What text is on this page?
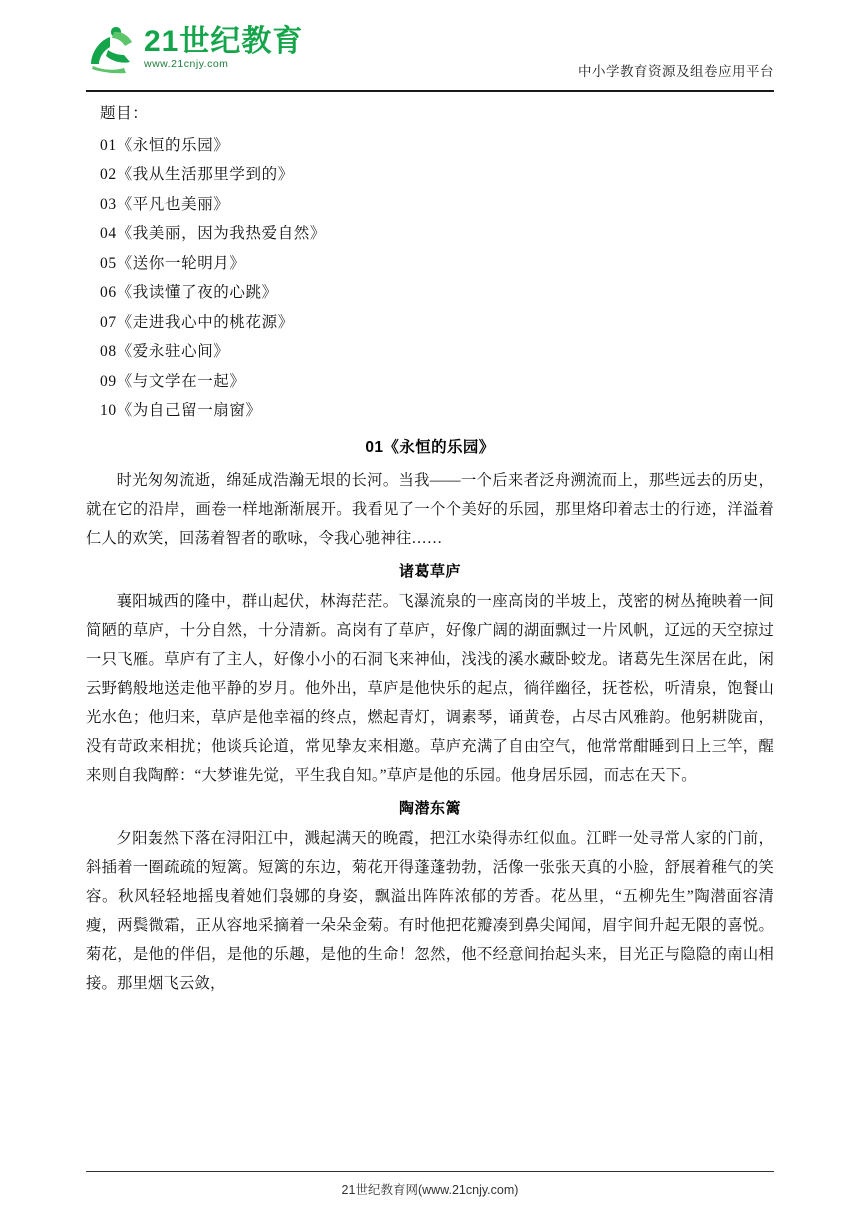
21世纪教育
www.21cnjy.com
中小学教育资源及组卷应用平台
题目：
01《永恒的乐园》
02《我从生活那里学到的》
03《平凡也美丽》
04《我美丽，因为我热爱自然》
05《送你一轮明月》
06《我读懂了夜的心跳》
07《走进我心中的桃花源》
08《爱永驻心间》
09《与文学在一起》
10《为自己留一扇窗》
01《永恒的乐园》

时光匆匆流逝，绵延成浩瀚无垠的长河。当我——一个后来者泛舟溯流而上，那些远去的历史，就在它的沿岸，画卷一样地渐渐展开。我看见了一个个美好的乐园，那里烙印着志士的行迹，洋溢着仁人的欢笑，回荡着智者的歌咏，令我心驰神往……

诸葛草庐

襄阳城西的隆中，群山起伏，林海茫茫。飞瀑流泉的一座高岗的半坡上，茂密的树丛掩映着一间简陋的草庐，十分自然，十分清新。高岗有了草庐，好像广阔的湖面飘过一片风帆，辽远的天空掠过一只飞雁。草庐有了主人，好像小小的石洞飞来神仙，浅浅的溪水藏卧蛟龙。诸葛先生深居在此，闲云野鹤般地送走他平静的岁月。他外出，草庐是他快乐的起点，徜徉幽径，抚苍松，听清泉，饱餐山光水色；他归来，草庐是他幸福的终点，燃起青灯，调素琴，诵黄卷，占尽古风雅韵。他躬耕陇亩，没有苛政来相扰；他谈兵论道，常见挚友来相邀。草庐充满了自由空气，他常常酣睡到日上三竿，醒来则自我陶醉：“大梦谁先觉，平生我自知。”草庐是他的乐园。他身居乐园，而志在天下。

陶潜东篱

夕阳轰然下落在浔阳江中，溅起满天的晚霞，把江水染得赤红似血。江畔一处寻常人家的门前，斜插着一圈疏疏的短篱。短篱的东边，菊花开得蓬蓬勃勃，活像一张张天真的小脸，舒展着稚气的笑容。秋风轻轻地摇曳着她们袅娜的身姿，飘溢出阵阵浓郁的芳香。花丛里，“五柳先生”陶潜面容清瘦，两鬓微霜，正从容地采摘着一朵朵金菊。有时他把花瓣凑到鼻尖闻闻，眉宇间升起无限的喜悦。菊花，是他的伴侣，是他的乐趣，是他的生命！忽然，他不经意间抬起头来，目光正与隐隐的南山相接。那里烟飞云敛，

21世纪教育网(www.21cnjy.com)
